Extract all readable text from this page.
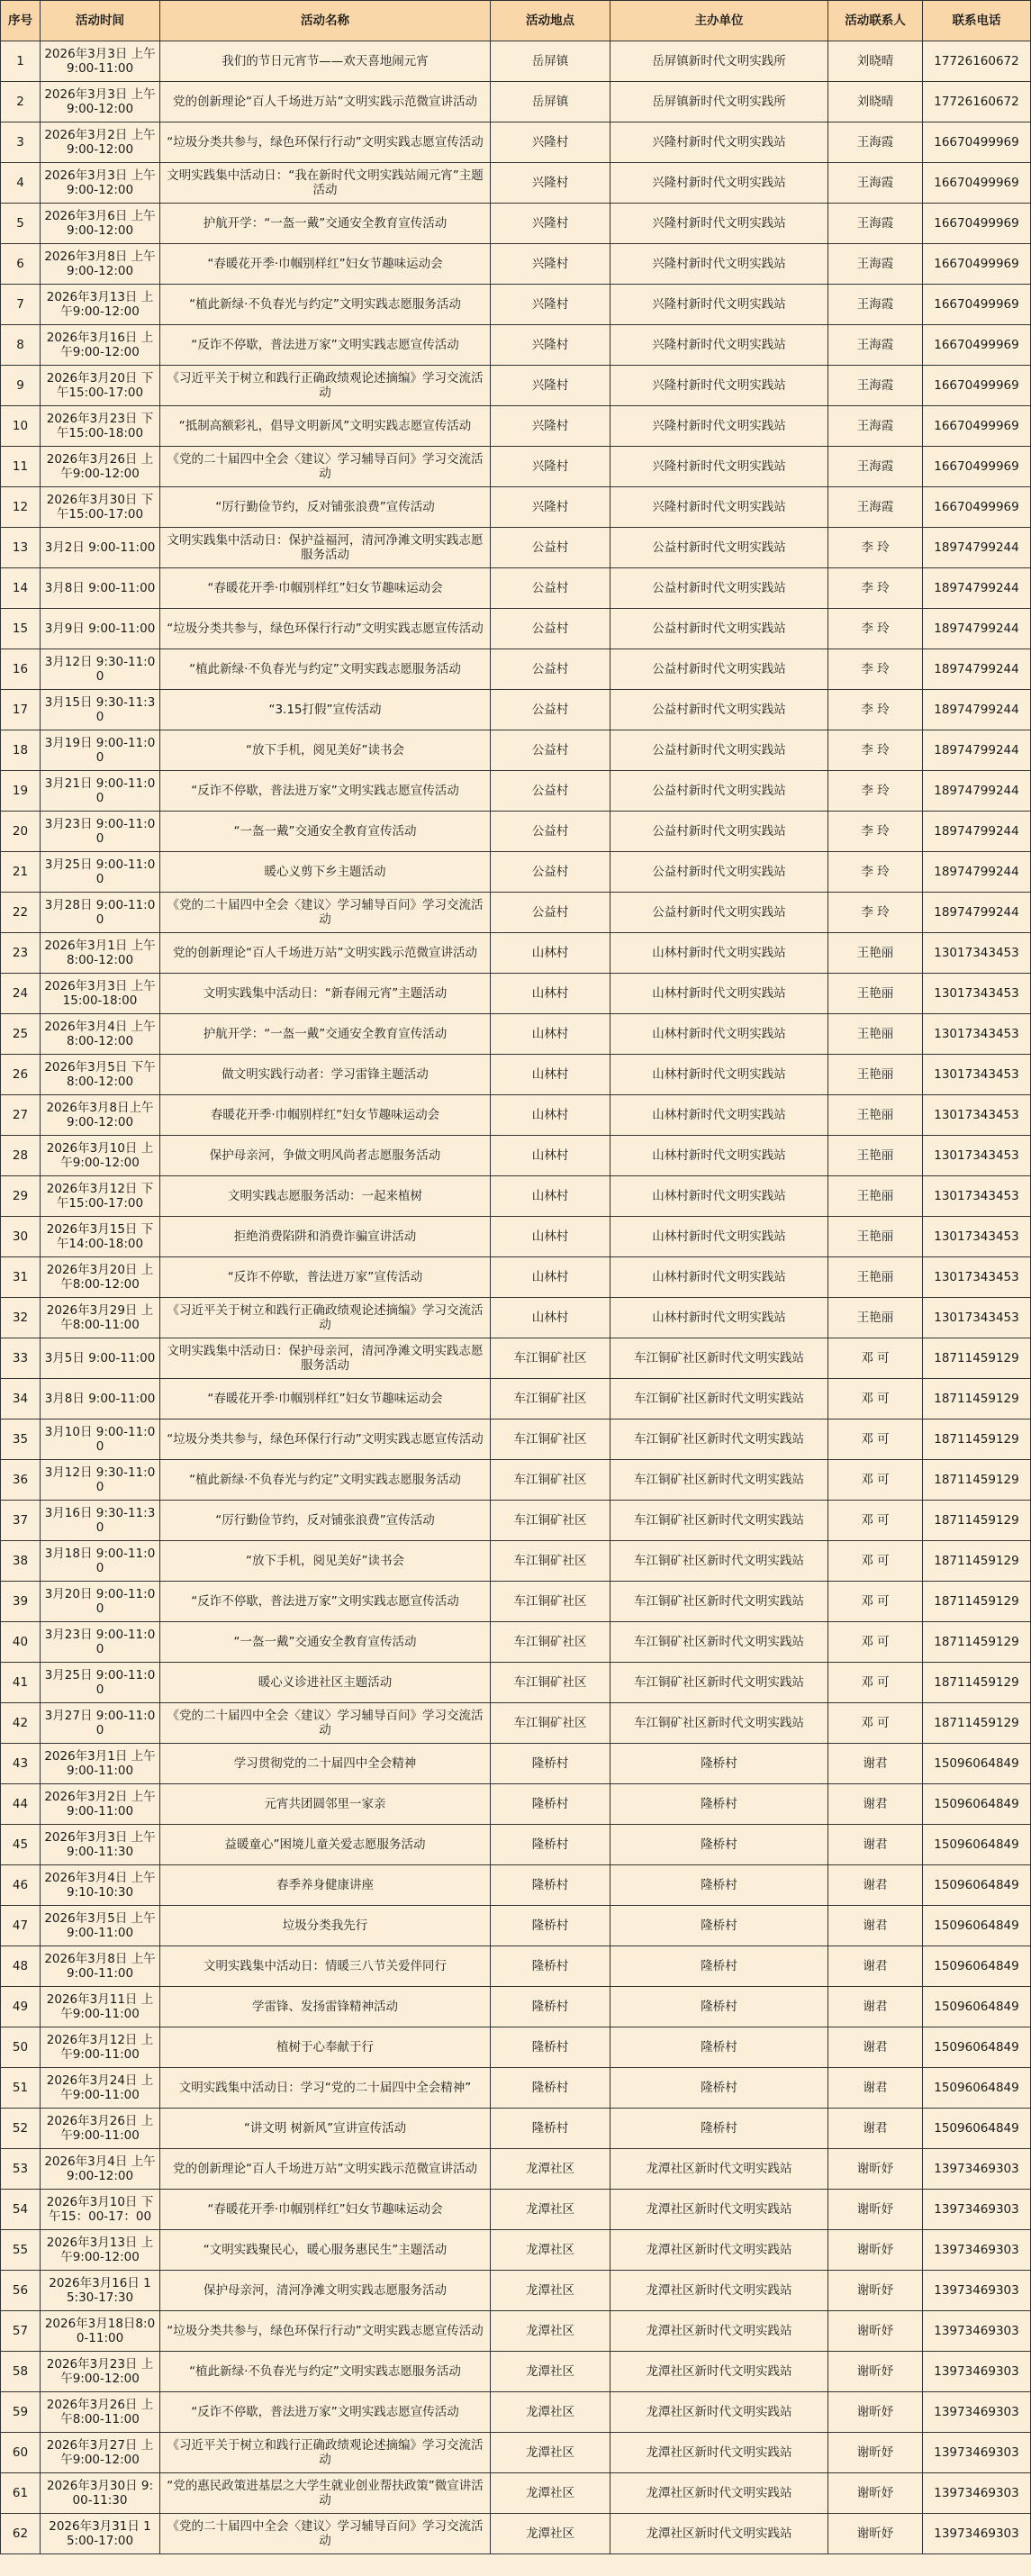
序号	活动时间	活动名称	活动地点	主办单位	活动联系人	联系电话
1	2026年3月3日 上午9:00-11:00	我们的节日元宵节——欢天喜地闹元宵	岳屏镇	岳屏镇新时代文明实践所	刘晓晴	17726160672
2	2026年3月3日 上午9:00-12:00	党的创新理论“百人千场进万站”文明实践示范微宣讲活动	岳屏镇	岳屏镇新时代文明实践所	刘晓晴	17726160672
3	2026年3月2日 上午9:00-12:00	“垃圾分类共参与，绿色环保行行动”文明实践志愿宣传活动	兴隆村	兴隆村新时代文明实践站	王海霞	16670499969
4	2026年3月3日 上午9:00-12:00	文明实践集中活动日：“我在新时代文明实践站闹元宵”主题活动	兴隆村	兴隆村新时代文明实践站	王海霞	16670499969
5	2026年3月6日 上午9:00-12:00	护航开学：“一盔一戴”交通安全教育宣传活动	兴隆村	兴隆村新时代文明实践站	王海霞	16670499969
6	2026年3月8日 上午9:00-12:00	“春暖花开季·巾帼别样红”妇女节趣味运动会	兴隆村	兴隆村新时代文明实践站	王海霞	16670499969
7	2026年3月13日 上午9:00-12:00	“植此新绿·不负春光与约定”文明实践志愿服务活动	兴隆村	兴隆村新时代文明实践站	王海霞	16670499969
8	2026年3月16日 上午9:00-12:00	“反诈不停歇，普法进万家”文明实践志愿宣传活动	兴隆村	兴隆村新时代文明实践站	王海霞	16670499969
9	2026年3月20日 下午15:00-17:00	《习近平关于树立和践行正确政绩观论述摘编》学习交流活动	兴隆村	兴隆村新时代文明实践站	王海霞	16670499969
10	2026年3月23日 下午15:00-18:00	“抵制高额彩礼，倡导文明新风”文明实践志愿宣传活动	兴隆村	兴隆村新时代文明实践站	王海霞	16670499969
11	2026年3月26日 上午9:00-12:00	《党的二十届四中全会〈建议〉学习辅导百问》学习交流活动	兴隆村	兴隆村新时代文明实践站	王海霞	16670499969
12	2026年3月30日 下午15:00-17:00	“厉行勤俭节约，反对铺张浪费”宣传活动	兴隆村	兴隆村新时代文明实践站	王海霞	16670499969
13	3月2日 9:00-11:00	文明实践集中活动日：保护益福河，清河净滩文明实践志愿服务活动	公益村	公益村新时代文明实践站	李 玲	18974799244
14	3月8日 9:00-11:00	“春暖花开季·巾帼别样红”妇女节趣味运动会	公益村	公益村新时代文明实践站	李 玲	18974799244
15	3月9日 9:00-11:00	“垃圾分类共参与，绿色环保行行动”文明实践志愿宣传活动	公益村	公益村新时代文明实践站	李 玲	18974799244
16	3月12日 9:30-11:00	“植此新绿·不负春光与约定”文明实践志愿服务活动	公益村	公益村新时代文明实践站	李 玲	18974799244
17	3月15日 9:30-11:30	“3.15打假”宣传活动	公益村	公益村新时代文明实践站	李 玲	18974799244
18	3月19日 9:00-11:00	“放下手机，阅见美好”读书会	公益村	公益村新时代文明实践站	李 玲	18974799244
19	3月21日 9:00-11:00	“反诈不停歇，普法进万家”文明实践志愿宣传活动	公益村	公益村新时代文明实践站	李 玲	18974799244
20	3月23日 9:00-11:00	“一盔一戴”交通安全教育宣传活动	公益村	公益村新时代文明实践站	李 玲	18974799244
21	3月25日 9:00-11:00	暖心义剪下乡主题活动	公益村	公益村新时代文明实践站	李 玲	18974799244
22	3月28日 9:00-11:00	《党的二十届四中全会〈建议〉学习辅导百问》学习交流活动	公益村	公益村新时代文明实践站	李 玲	18974799244
23	2026年3月1日 上午8:00-12:00	党的创新理论“百人千场进万站”文明实践示范微宣讲活动	山林村	山林村新时代文明实践站	王艳丽	13017343453
24	2026年3月3日 上午15:00-18:00	文明实践集中活动日：“新春闹元宵”主题活动	山林村	山林村新时代文明实践站	王艳丽	13017343453
25	2026年3月4日 上午8:00-12:00	护航开学：“一盔一戴”交通安全教育宣传活动	山林村	山林村新时代文明实践站	王艳丽	13017343453
26	2026年3月5日 下午8:00-12:00	做文明实践行动者：学习雷锋主题活动	山林村	山林村新时代文明实践站	王艳丽	13017343453
27	2026年3月8日上午 9:00-12:00	春暖花开季·巾帼别样红”妇女节趣味运动会	山林村	山林村新时代文明实践站	王艳丽	13017343453
28	2026年3月10日 上午9:00-12:00	保护母亲河，争做文明风尚者志愿服务活动	山林村	山林村新时代文明实践站	王艳丽	13017343453
29	2026年3月12日 下午15:00-17:00	文明实践志愿服务活动：一起来植树	山林村	山林村新时代文明实践站	王艳丽	13017343453
30	2026年3月15日 下午14:00-18:00	拒绝消费陷阱和消费诈骗宣讲活动	山林村	山林村新时代文明实践站	王艳丽	13017343453
31	2026年3月20日 上午8:00-12:00	“反诈不停歇，普法进万家”宣传活动	山林村	山林村新时代文明实践站	王艳丽	13017343453
32	2026年3月29日 上午8:00-11:00	《习近平关于树立和践行正确政绩观论述摘编》学习交流活动	山林村	山林村新时代文明实践站	王艳丽	13017343453
33	3月5日 9:00-11:00	文明实践集中活动日：保护母亲河，清河净滩文明实践志愿服务活动	车江铜矿社区	车江铜矿社区新时代文明实践站	邓 可	18711459129
34	3月8日 9:00-11:00	“春暖花开季·巾帼别样红”妇女节趣味运动会	车江铜矿社区	车江铜矿社区新时代文明实践站	邓 可	18711459129
35	3月10日 9:00-11:00	“垃圾分类共参与，绿色环保行行动”文明实践志愿宣传活动	车江铜矿社区	车江铜矿社区新时代文明实践站	邓 可	18711459129
36	3月12日 9:30-11:00	“植此新绿·不负春光与约定”文明实践志愿服务活动	车江铜矿社区	车江铜矿社区新时代文明实践站	邓 可	18711459129
37	3月16日 9:30-11:30	“厉行勤俭节约，反对铺张浪费”宣传活动	车江铜矿社区	车江铜矿社区新时代文明实践站	邓 可	18711459129
38	3月18日 9:00-11:00	“放下手机，阅见美好”读书会	车江铜矿社区	车江铜矿社区新时代文明实践站	邓 可	18711459129
39	3月20日 9:00-11:00	“反诈不停歇，普法进万家”文明实践志愿宣传活动	车江铜矿社区	车江铜矿社区新时代文明实践站	邓 可	18711459129
40	3月23日 9:00-11:00	“一盔一戴”交通安全教育宣传活动	车江铜矿社区	车江铜矿社区新时代文明实践站	邓 可	18711459129
41	3月25日 9:00-11:00	暖心义诊进社区主题活动	车江铜矿社区	车江铜矿社区新时代文明实践站	邓 可	18711459129
42	3月27日 9:00-11:00	《党的二十届四中全会〈建议〉学习辅导百问》学习交流活动	车江铜矿社区	车江铜矿社区新时代文明实践站	邓 可	18711459129
43	2026年3月1日 上午9:00-11:00	学习贯彻党的二十届四中全会精神	隆桥村	隆桥村	谢君	15096064849
44	2026年3月2日 上午9:00-11:00	元宵共团圆邻里一家亲	隆桥村	隆桥村	谢君	15096064849
45	2026年3月3日 上午9:00-11:30	益暖童心”困境儿童关爱志愿服务活动	隆桥村	隆桥村	谢君	15096064849
46	2026年3月4日 上午9:10-10:30	春季养身健康讲座	隆桥村	隆桥村	谢君	15096064849
47	2026年3月5日 上午9:00-11:00	垃圾分类我先行	隆桥村	隆桥村	谢君	15096064849
48	2026年3月8日 上午9:00-11:00	文明实践集中活动日：情暖三八节关爱伴同行	隆桥村	隆桥村	谢君	15096064849
49	2026年3月11日 上午9:00-11:00	学雷锋、发扬雷锋精神活动	隆桥村	隆桥村	谢君	15096064849
50	2026年3月12日 上午9:00-11:00	植树于心奉献于行	隆桥村	隆桥村	谢君	15096064849
51	2026年3月24日 上午9:00-11:00	文明实践集中活动日：学习“党的二十届四中全会精神”	隆桥村	隆桥村	谢君	15096064849
52	2026年3月26日 上午9:00-11:00	“讲文明 树新风”宣讲宣传活动	隆桥村	隆桥村	谢君	15096064849
53	2026年3月4日 上午9:00-12:00	党的创新理论“百人千场进万站”文明实践示范微宣讲活动	龙潭社区	龙潭社区新时代文明实践站	谢昕妤	13973469303
54	2026年3月10日 下午15：00-17：00	“春暖花开季·巾帼别样红”妇女节趣味运动会	龙潭社区	龙潭社区新时代文明实践站	谢昕妤	13973469303
55	2026年3月13日 上午9:00-12:00	“文明实践聚民心，暖心服务惠民生”主题活动	龙潭社区	龙潭社区新时代文明实践站	谢昕妤	13973469303
56	2026年3月16日 15:30-17:30	保护母亲河，清河净滩文明实践志愿服务活动	龙潭社区	龙潭社区新时代文明实践站	谢昕妤	13973469303
57	2026年3月18日8:00-11:00	“垃圾分类共参与，绿色环保行行动”文明实践志愿宣传活动	龙潭社区	龙潭社区新时代文明实践站	谢昕妤	13973469303
58	2026年3月23日 上午9:00-12:00	“植此新绿·不负春光与约定”文明实践志愿服务活动	龙潭社区	龙潭社区新时代文明实践站	谢昕妤	13973469303
59	2026年3月26日 上午8:00-11:00	“反诈不停歇，普法进万家”文明实践志愿宣传活动	龙潭社区	龙潭社区新时代文明实践站	谢昕妤	13973469303
60	2026年3月27日 上午9:00-12:00	《习近平关于树立和践行正确政绩观论述摘编》学习交流活动	龙潭社区	龙潭社区新时代文明实践站	谢昕妤	13973469303
61	2026年3月30日 9:00-11:30	“党的惠民政策进基层之大学生就业创业帮扶政策”微宣讲活动	龙潭社区	龙潭社区新时代文明实践站	谢昕妤	13973469303
62	2026年3月31日 15:00-17:00	《党的二十届四中全会〈建议〉学习辅导百问》学习交流活动	龙潭社区	龙潭社区新时代文明实践站	谢昕妤	13973469303
